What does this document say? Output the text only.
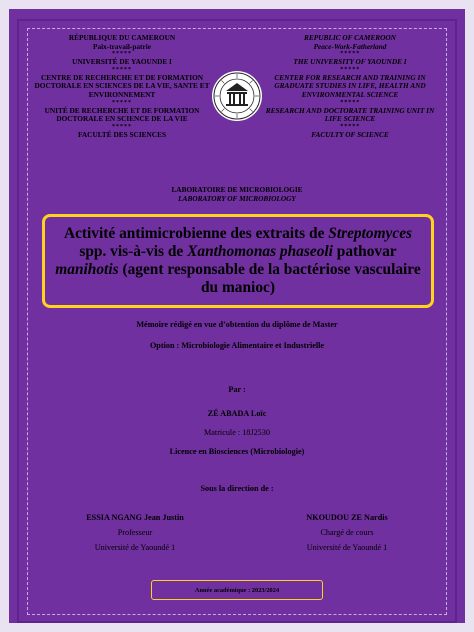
RÉPUBLIQUE DU CAMEROUN
Paix-travail-patrie
*****
UNIVERSITÉ DE YAOUNDE I
*****
CENTRE DE RECHERCHE ET DE FORMATION DOCTORALE EN SCIENCES DE LA VIE, SANTE ET ENVIRONNEMENT
*****
UNITÉ DE RECHERCHE ET DE FORMATION DOCTORALE EN SCIENCE DE LA VIE
*****
FACULTÉ DES SCIENCES
REPUBLIC OF CAMEROON
Peace-Work-Fatherland
*****
THE UNIVERSITY OF YAOUNDE I
*****
CENTER FOR RESEARCH AND TRAINING IN GRADUATE STUDIES IN LIFE, HEALTH AND ENVIRONMENTAL SCIENCE
*****
RESEARCH AND DOCTORATE TRAINING UNIT IN LIFE SCIENCE
*****
FACULTY OF SCIENCE
LABORATOIRE DE MICROBIOLOGIE
LABORATORY OF MICROBIOLOGY
Activité antimicrobienne des extraits de Streptomyces spp. vis-à-vis de Xanthomonas phaseoli pathovar manihotis (agent responsable de la bactériose vasculaire du manioc)
Mémoire rédigé en vue d’obtention du diplôme de Master
Option : Microbiologie Alimentaire et Industrielle
Par :
ZÉ ABADA Loïc
Matricule : 18J2530
Licence en Biosciences (Microbiologie)
Sous la direction de :
ESSIA NGANG Jean Justin
Professeur
Université de Yaoundé 1
NKOUDOU ZE Nardis
Chargé de cours
Université de Yaoundé 1
Année académique : 2023/2024
